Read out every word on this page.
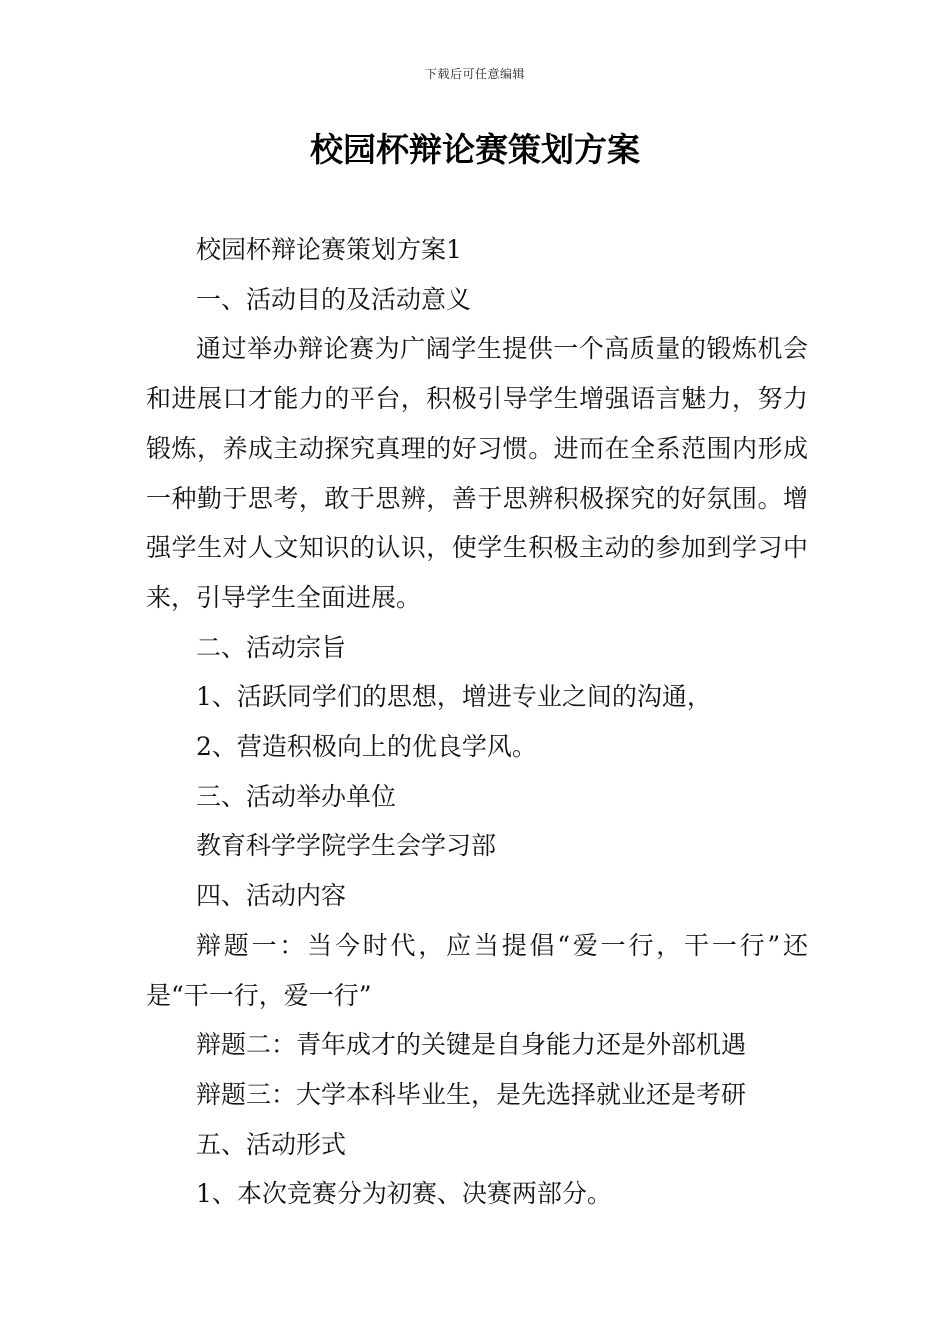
下载后可任意编辑
校园杯辩论赛策划方案

校园杯辩论赛策划方案1

一、活动目的及活动意义

通过举办辩论赛为广阔学生提供一个高质量的锻炼机会和进展口才能力的平台，积极引导学生增强语言魅力，努力锻炼，养成主动探究真理的好习惯。进而在全系范围内形成一种勤于思考，敢于思辨，善于思辨积极探究的好氛围。增强学生对人文知识的认识，使学生积极主动的参加到学习中来，引导学生全面进展。

二、活动宗旨

1、活跃同学们的思想，增进专业之间的沟通，

2、营造积极向上的优良学风。

三、活动举办单位

教育科学学院学生会学习部

四、活动内容

辩题一：当今时代，应当提倡“爱一行，干一行”还是“干一行，爱一行”

辩题二：青年成才的关键是自身能力还是外部机遇

辩题三：大学本科毕业生，是先选择就业还是考研

五、活动形式

1、本次竞赛分为初赛、决赛两部分。
